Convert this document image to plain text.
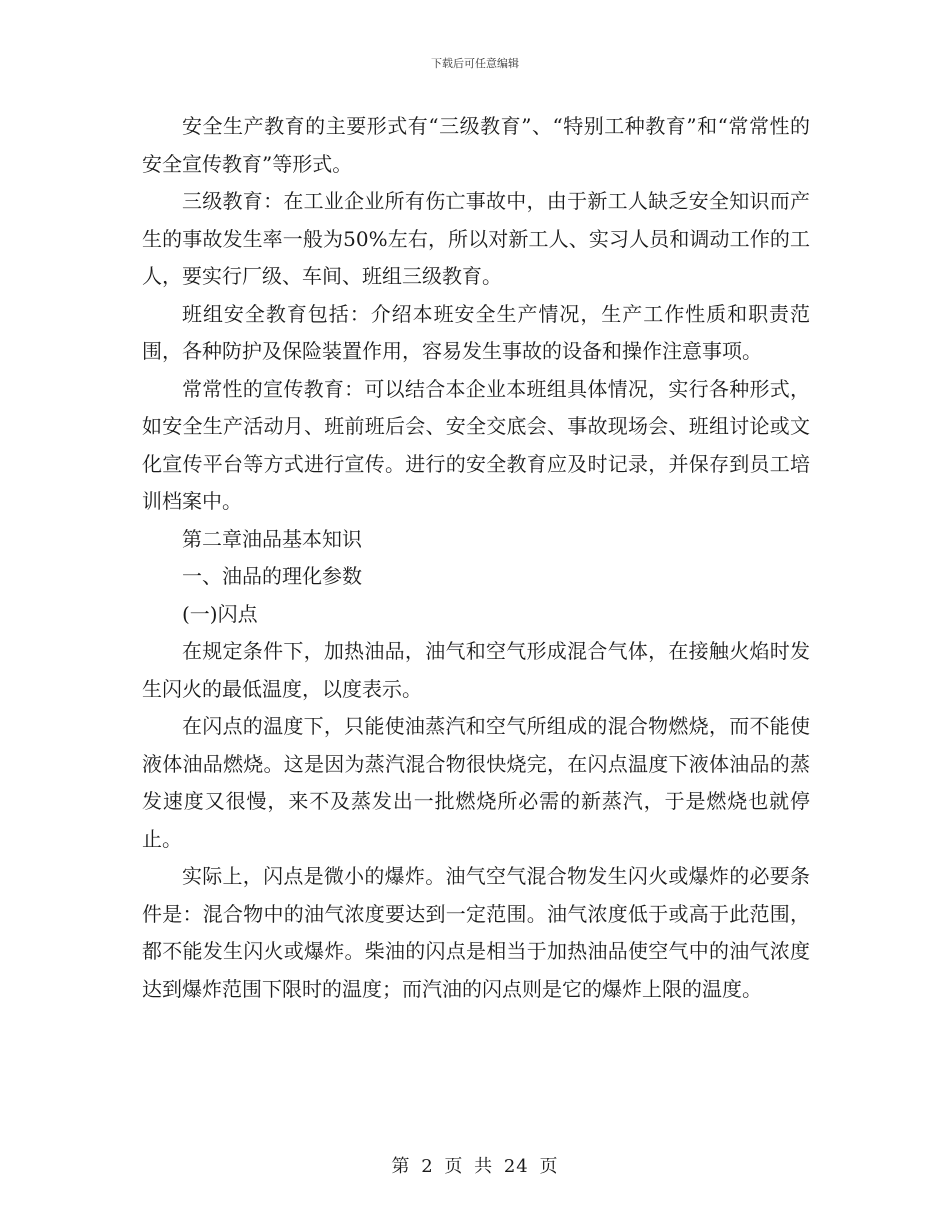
下载后可任意编辑

安全生产教育的主要形式有“三级教育”、“特别工种教育”和“常常性的安全宣传教育”等形式。

三级教育：在工业企业所有伤亡事故中，由于新工人缺乏安全知识而产生的事故发生率一般为50%左右，所以对新工人、实习人员和调动工作的工人，要实行厂级、车间、班组三级教育。

班组安全教育包括：介绍本班安全生产情况，生产工作性质和职责范围，各种防护及保险装置作用，容易发生事故的设备和操作注意事项。

常常性的宣传教育：可以结合本企业本班组具体情况，实行各种形式，如安全生产活动月、班前班后会、安全交底会、事故现场会、班组讨论或文化宣传平台等方式进行宣传。进行的安全教育应及时记录，并保存到员工培训档案中。

第二章油品基本知识

一、油品的理化参数

(一)闪点

在规定条件下，加热油品，油气和空气形成混合气体，在接触火焰时发生闪火的最低温度，以度表示。

在闪点的温度下，只能使油蒸汽和空气所组成的混合物燃烧，而不能使液体油品燃烧。这是因为蒸汽混合物很快烧完，在闪点温度下液体油品的蒸发速度又很慢，来不及蒸发出一批燃烧所必需的新蒸汽，于是燃烧也就停止。

实际上，闪点是微小的爆炸。油气空气混合物发生闪火或爆炸的必要条件是：混合物中的油气浓度要达到一定范围。油气浓度低于或高于此范围，都不能发生闪火或爆炸。柴油的闪点是相当于加热油品使空气中的油气浓度达到爆炸范围下限时的温度；而汽油的闪点则是它的爆炸上限的温度。

第 2 页 共 24 页
